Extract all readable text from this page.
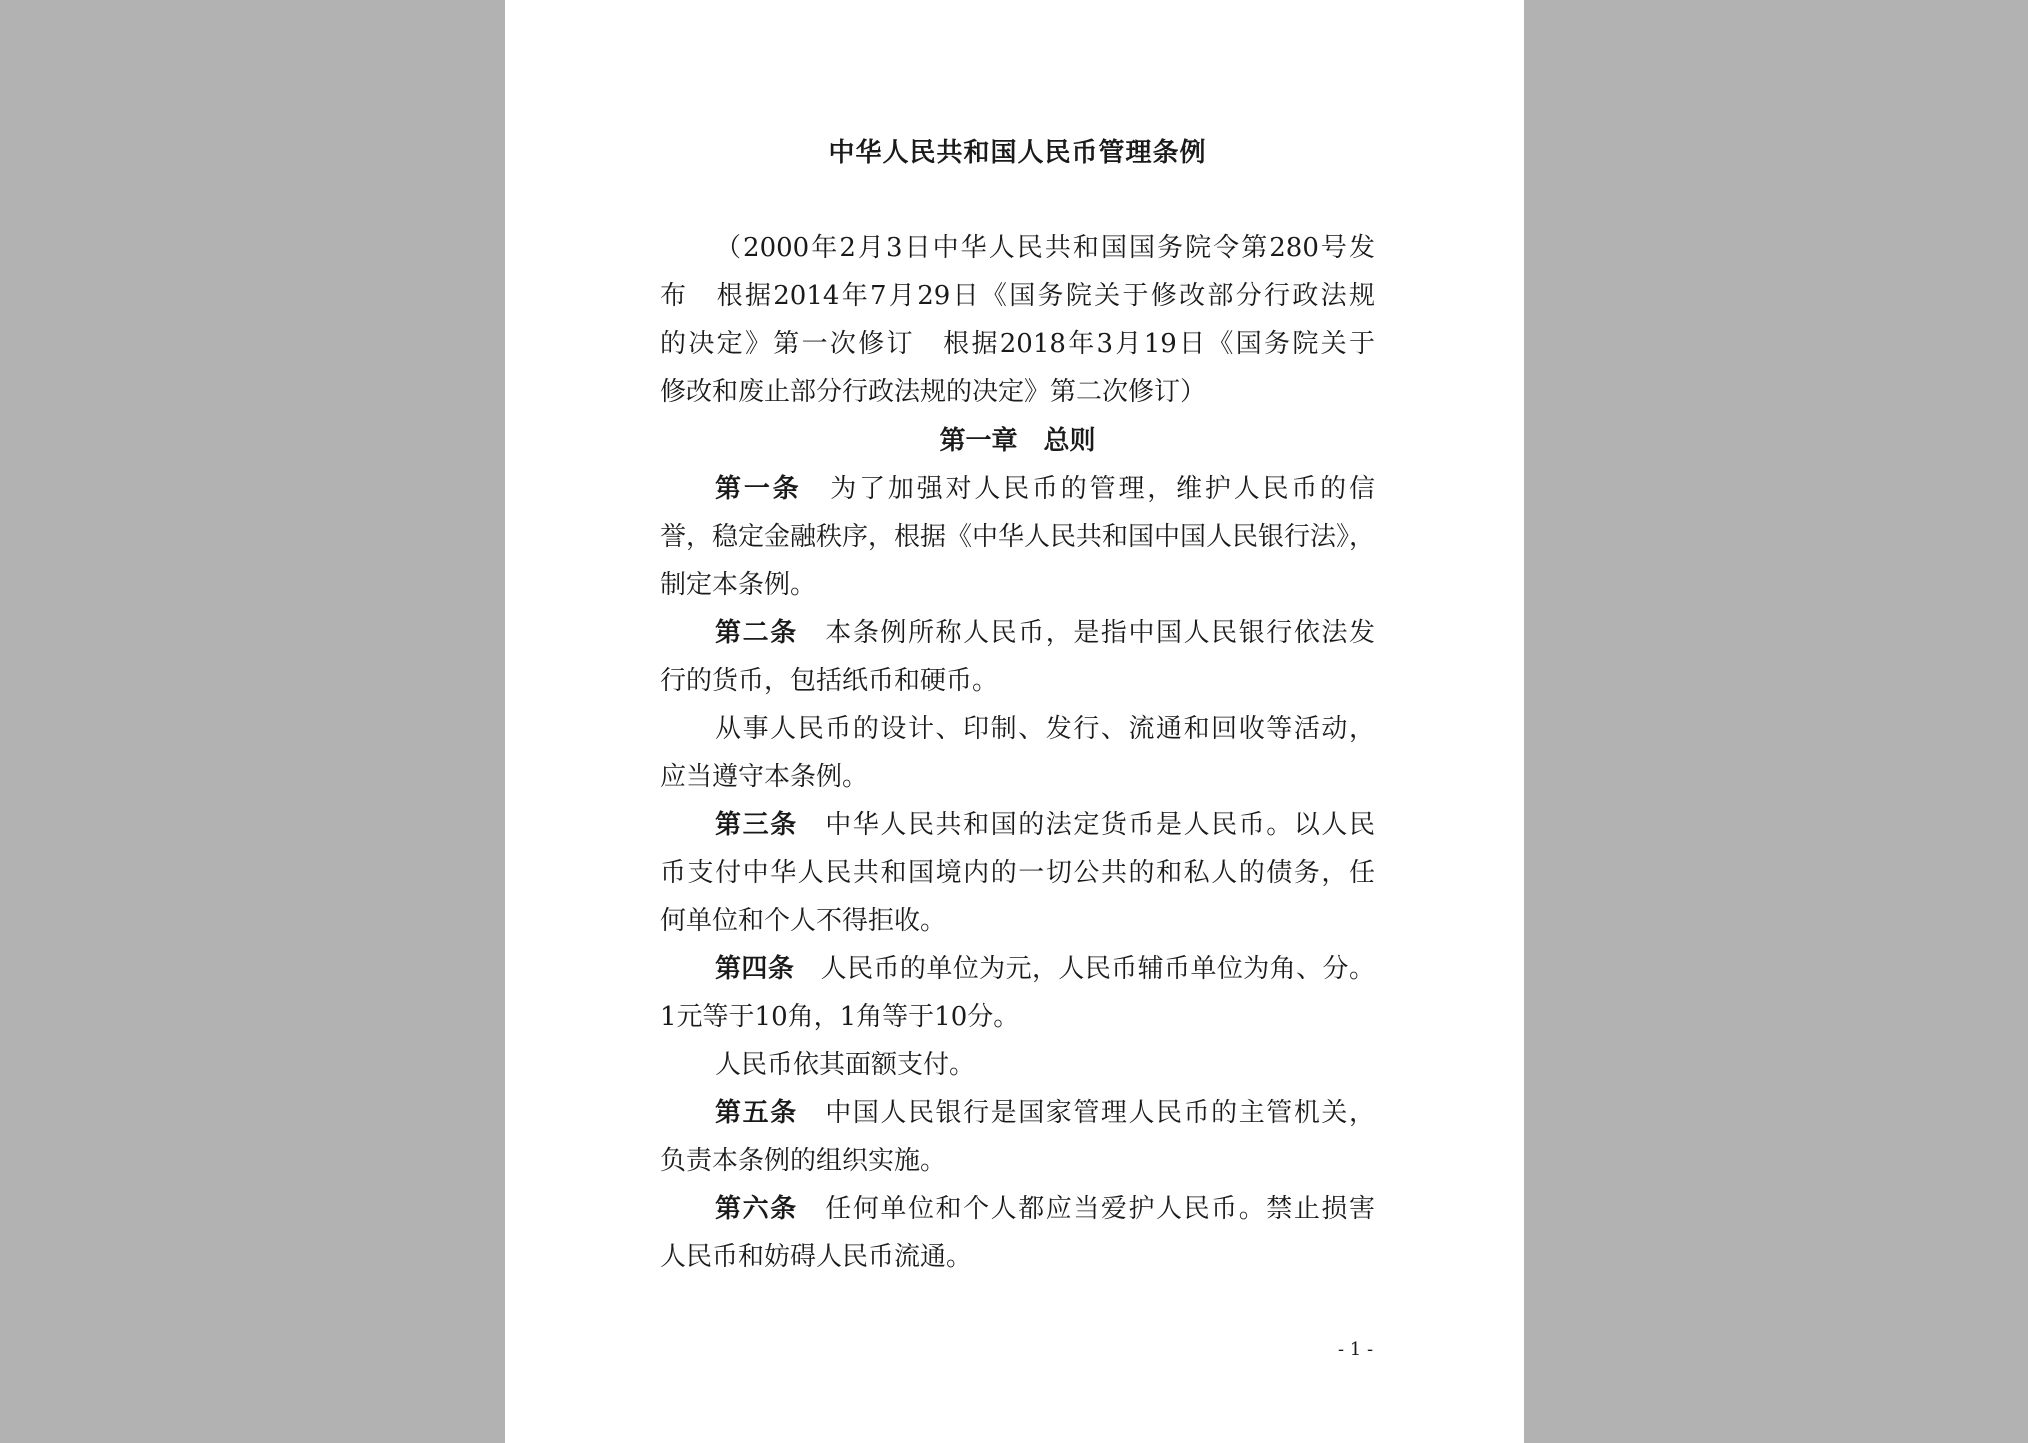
中华人民共和国人民币管理条例
（2000年2月3日中华人民共和国国务院令第280号发
布　根据2014年7月29日《国务院关于修改部分行政法规
的决定》第一次修订　根据2018年3月19日《国务院关于
修改和废止部分行政法规的决定》第二次修订）
第一章　总则
第一条 为了加强对人民币的管理，维护人民币的信
誉，稳定金融秩序，根据《中华人民共和国中国人民银行法》，
制定本条例。
第二条 本条例所称人民币，是指中国人民银行依法发
行的货币，包括纸币和硬币。
从事人民币的设计、印制、发行、流通和回收等活动，
应当遵守本条例。
第三条 中华人民共和国的法定货币是人民币。以人民
币支付中华人民共和国境内的一切公共的和私人的债务，任
何单位和个人不得拒收。
第四条 人民币的单位为元，人民币辅币单位为角、分。
1元等于10角，1角等于10分。
人民币依其面额支付。
第五条 中国人民银行是国家管理人民币的主管机关，
负责本条例的组织实施。
第六条 任何单位和个人都应当爱护人民币。禁止损害
人民币和妨碍人民币流通。
- 1 -
